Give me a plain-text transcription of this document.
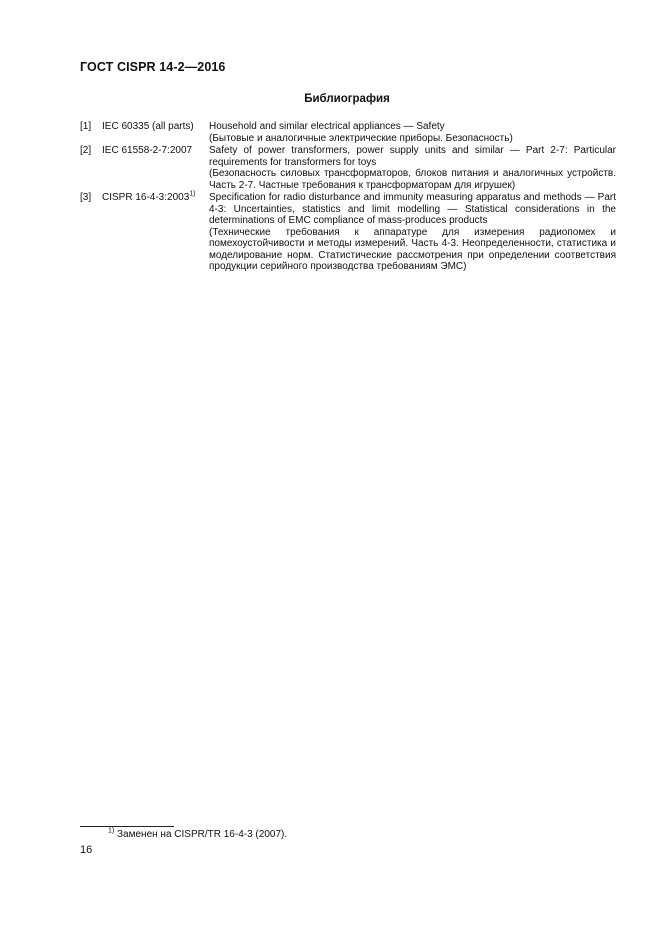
ГОСТ CISPR 14-2—2016
Библиография
[1]	IEC 60335 (all parts)	Household and similar electrical appliances — Safety
(Бытовые и аналогичные электрические приборы. Безопасность)
[2]	IEC 61558-2-7:2007	Safety of power transformers, power supply units and similar — Part 2-7: Particular requirements for transformers for toys
(Безопасность силовых трансформаторов, блоков питания и аналогичных устройств. Часть 2-7. Частные требования к трансформаторам для игрушек)
[3]	CISPR 16-4-3:2003$^{1)}$	Specification for radio disturbance and immunity measuring apparatus and methods — Part 4-3: Uncertainties, statistics and limit modelling — Statistical considerations in the determinations of EMC compliance of mass-produces products
(Технические требования к аппаратуре для измерения радиопомех и помехоустойчивости и методы измерений. Часть 4-3. Неопределенности, статистика и моделирование норм. Статистические рассмотрения при определении соответствия продукции серийного производства требованиям ЭМС)
$^{1)}$ Заменен на CISPR/TR 16-4-3 (2007).
16
